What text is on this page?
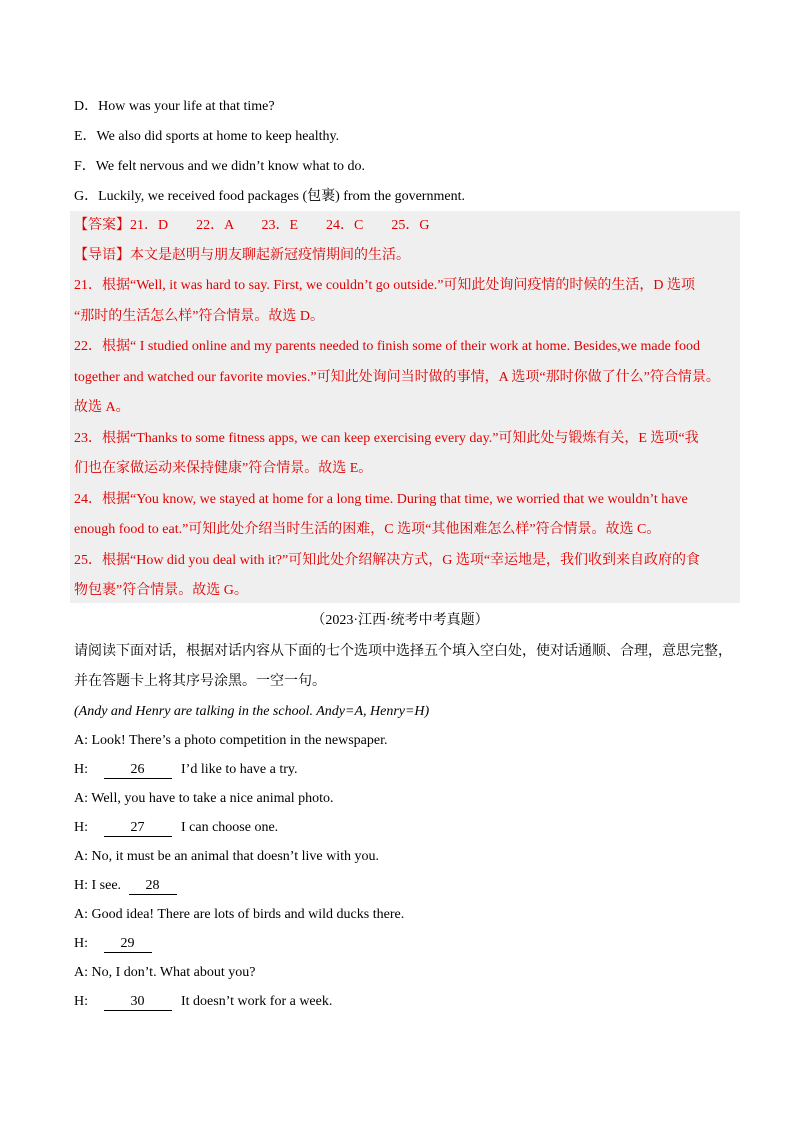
D．How was your life at that time?
E．We also did sports at home to keep healthy.
F．We felt nervous and we didn’t know what to do.
G．Luckily, we received food packages (包裹) from the government.
【答案】21．D　　22．A　　23．E　　24．C　　25．G
【导语】本文是赵明与朋友聊起新冠疫情期间的生活。
21．根据“Well, it was hard to say. First, we couldn’t go outside.”可知此处询问疫情的时候的生活，D 选项
“那时的生活怎么样”符合情景。故选 D。
22．根据“ I studied online and my parents needed to finish some of their work at home. Besides,we made food
together and watched our favorite movies.”可知此处询问当时做的事情，A 选项“那时你做了什么”符合情景。
故选 A。
23．根据“Thanks to some fitness apps, we can keep exercising every day.”可知此处与锻炼有关，E 选项“我
们也在家做运动来保持健康”符合情景。故选 E。
24．根据“You know, we stayed at home for a long time. During that time, we worried that we wouldn’t have
enough food to eat.”可知此处介绍当时生活的困难，C 选项“其他困难怎么样”符合情景。故选 C。
25．根据“How did you deal with it?”可知此处介绍解决方式，G 选项“幸运地是，我们收到来自政府的食
物包裹”符合情景。故选 G。
（2023·江西·统考中考真题）
请阅读下面对话，根据对话内容从下面的七个选项中选择五个填入空白处，使对话通顺、合理，意思完整，
并在答题卡上将其序号涂黑。一空一句。
(Andy and Henry are talking in the school. Andy=A, Henry=H)
A: Look! There’s a photo competition in the newspaper.
H:	26	I’d like to have a try.
A: Well, you have to take a nice animal photo.
H:	27	I can choose one.
A: No, it must be an animal that doesn’t live with you.
H: I see. 28
A: Good idea! There are lots of birds and wild ducks there.
H: 29
A: No, I don’t. What about you?
H:	30	It doesn’t work for a week.
